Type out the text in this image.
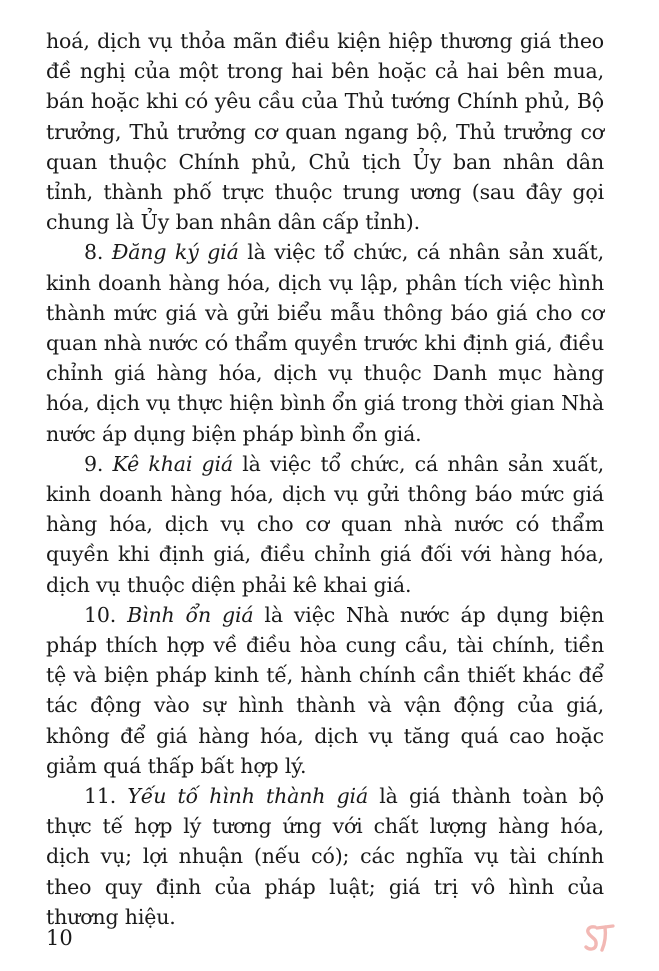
hoá, dịch vụ thỏa mãn điều kiện hiệp thương giá theo đề nghị của một trong hai bên hoặc cả hai bên mua, bán hoặc khi có yêu cầu của Thủ tướng Chính phủ, Bộ trưởng, Thủ trưởng cơ quan ngang bộ, Thủ trưởng cơ quan thuộc Chính phủ, Chủ tịch Ủy ban nhân dân tỉnh, thành phố trực thuộc trung ương (sau đây gọi chung là Ủy ban nhân dân cấp tỉnh).

8. Đăng ký giá là việc tổ chức, cá nhân sản xuất, kinh doanh hàng hóa, dịch vụ lập, phân tích việc hình thành mức giá và gửi biểu mẫu thông báo giá cho cơ quan nhà nước có thẩm quyền trước khi định giá, điều chỉnh giá hàng hóa, dịch vụ thuộc Danh mục hàng hóa, dịch vụ thực hiện bình ổn giá trong thời gian Nhà nước áp dụng biện pháp bình ổn giá.

9. Kê khai giá là việc tổ chức, cá nhân sản xuất, kinh doanh hàng hóa, dịch vụ gửi thông báo mức giá hàng hóa, dịch vụ cho cơ quan nhà nước có thẩm quyền khi định giá, điều chỉnh giá đối với hàng hóa, dịch vụ thuộc diện phải kê khai giá.

10. Bình ổn giá là việc Nhà nước áp dụng biện pháp thích hợp về điều hòa cung cầu, tài chính, tiền tệ và biện pháp kinh tế, hành chính cần thiết khác để tác động vào sự hình thành và vận động của giá, không để giá hàng hóa, dịch vụ tăng quá cao hoặc giảm quá thấp bất hợp lý.

11. Yếu tố hình thành giá là giá thành toàn bộ thực tế hợp lý tương ứng với chất lượng hàng hóa, dịch vụ; lợi nhuận (nếu có); các nghĩa vụ tài chính theo quy định của pháp luật; giá trị vô hình của thương hiệu.

10
